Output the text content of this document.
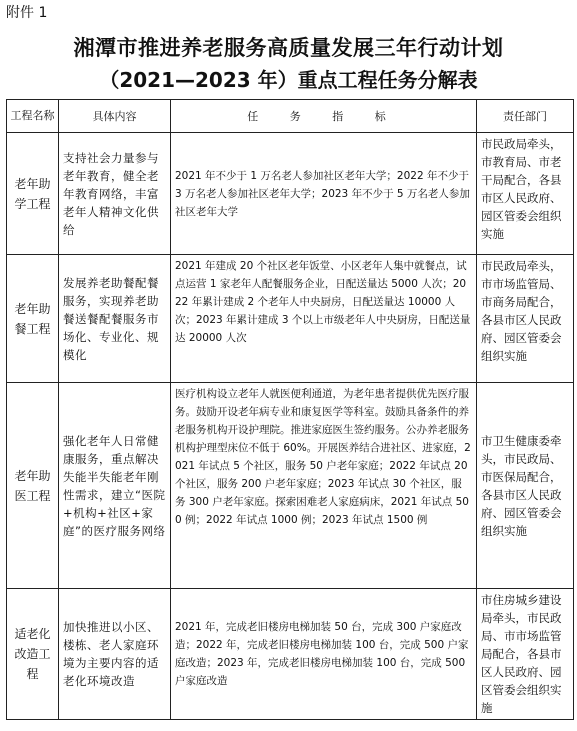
附件 1
湘潭市推进养老服务高质量发展三年行动计划
（2021—2023 年）重点工程任务分解表
工程名称	具体内容	任 务 指 标	责任部门
老年助学工程	支持社会力量参与老年教育，健全老年教育网络，丰富老年人精神文化供给	2021 年不少于 1 万名老人参加社区老年大学；2022 年不少于 3 万名老人参加社区老年大学；2023 年不少于 5 万名老人参加社区老年大学	市民政局牵头，市教育局、市老干局配合，各县市区人民政府、园区管委会组织实施
老年助餐工程	发展养老助餐配餐服务，实现养老助餐送餐配餐服务市场化、专业化、规模化	2021 年建成 20 个社区老年饭堂、小区老年人集中就餐点，试点运营 1 家老年人配餐服务企业，日配送量达 5000 人次；2022 年累计建成 2 个老年人中央厨房，日配送量达 10000 人次；2023 年累计建成 3 个以上市级老年人中央厨房，日配送量达 20000 人次	市民政局牵头，市市场监管局、市商务局配合，各县市区人民政府、园区管委会组织实施
老年助医工程	强化老年人日常健康服务，重点解决失能半失能老年刚性需求，建立“医院+机构+社区+家庭”的医疗服务网络	医疗机构设立老年人就医便利通道，为老年患者提供优先医疗服务。鼓励开设老年病专业和康复医学等科室。鼓励具备条件的养老服务机构开设护理院。推进家庭医生签约服务。公办养老服务机构护理型床位不低于 60%。开展医养结合进社区、进家庭，2021 年试点 5 个社区，服务 50 户老年家庭；2022 年试点 20 个社区，服务 200 户老年家庭；2023 年试点 30 个社区，服务 300 户老年家庭。探索困难老人家庭病床，2021 年试点 500 例；2022 年试点 1000 例；2023 年试点 1500 例	市卫生健康委牵头，市民政局、市医保局配合，各县市区人民政府、园区管委会组织实施
适老化改造工程	加快推进以小区、楼栋、老人家庭环境为主要内容的适老化环境改造	2021 年，完成老旧楼房电梯加装 50 台，完成 300 户家庭改造；2022 年，完成老旧楼房电梯加装 100 台，完成 500 户家庭改造；2023 年，完成老旧楼房电梯加装 100 台，完成 500 户家庭改造	市住房城乡建设局牵头，市民政局、市市场监管局配合，各县市区人民政府、园区管委会组织实施
